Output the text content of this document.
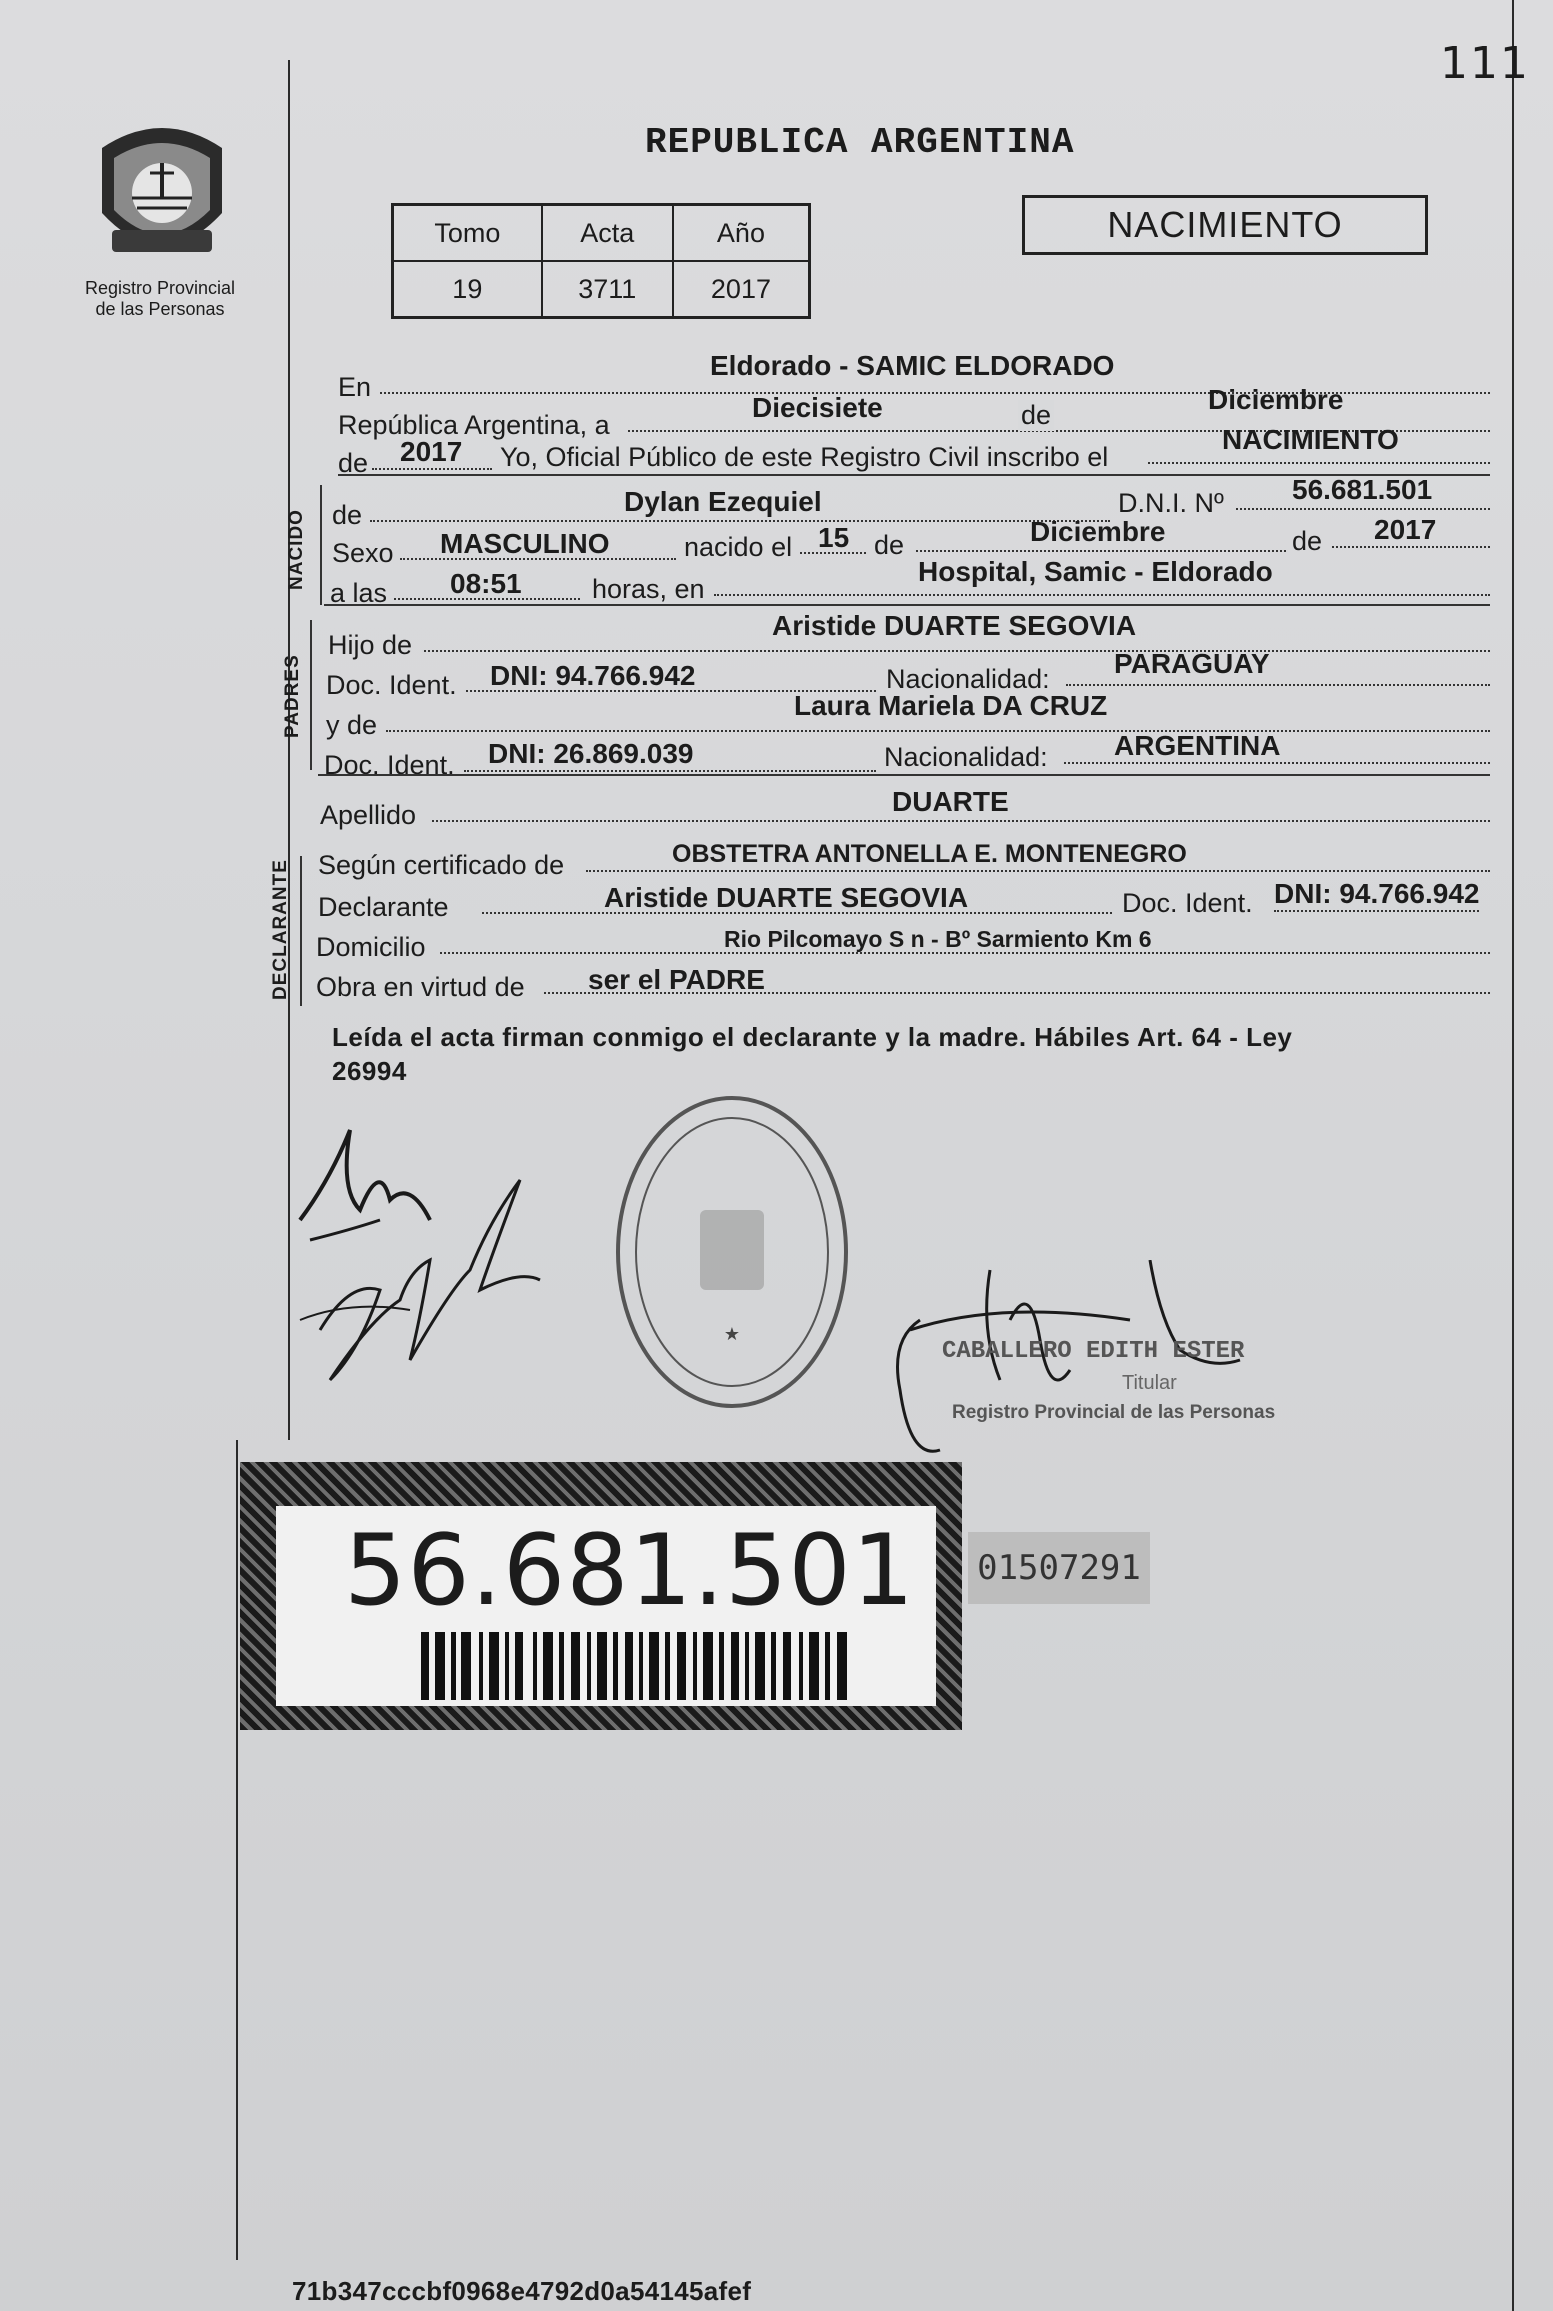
111
Registro Provincial
de las Personas
REPUBLICA ARGENTINA
Tomo	Acta	Año
19	3711	2017
NACIMIENTO
En
Eldorado - SAMIC ELDORADO
República Argentina, a
Diecisiete	de	Diciembre
de 2017 Yo, Oficial Público de este Registro Civil inscribo el
NACIMIENTO
NACIDO de	Dylan Ezequiel	D.N.I. Nº 56.681.501
Sexo MASCULINO	nacido el 15 de	Diciembre	de 2017
a las 08:51	horas, en
Hospital, Samic - Eldorado
PADRES
Hijo de
Aristide DUARTE SEGOVIA
Doc. Ident. DNI: 94.766.942	Nacionalidad: PARAGUAY
y de
Laura Mariela DA CRUZ
Doc. Ident. DNI: 26.869.039	Nacionalidad: ARGENTINA
Apellido	DUARTE
DECLARANTE Según certificado de	OBSTETRA ANTONELLA E. MONTENEGRO
Declarante	Aristide DUARTE SEGOVIA	Doc. Ident. DNI: 94.766.942
Domicilio	Rio Pilcomayo S n - Bº Sarmiento Km 6
Obra en virtud de ser el PADRE
Leída el acta firman conmigo el declarante y la madre. Hábiles Art. 64 - Ley
26994
★
CABALLERO EDITH ESTER
Titular
Registro Provincial de las Personas
56.681.501 01507291
71b347cccbf0968e4792d0a54145afef
